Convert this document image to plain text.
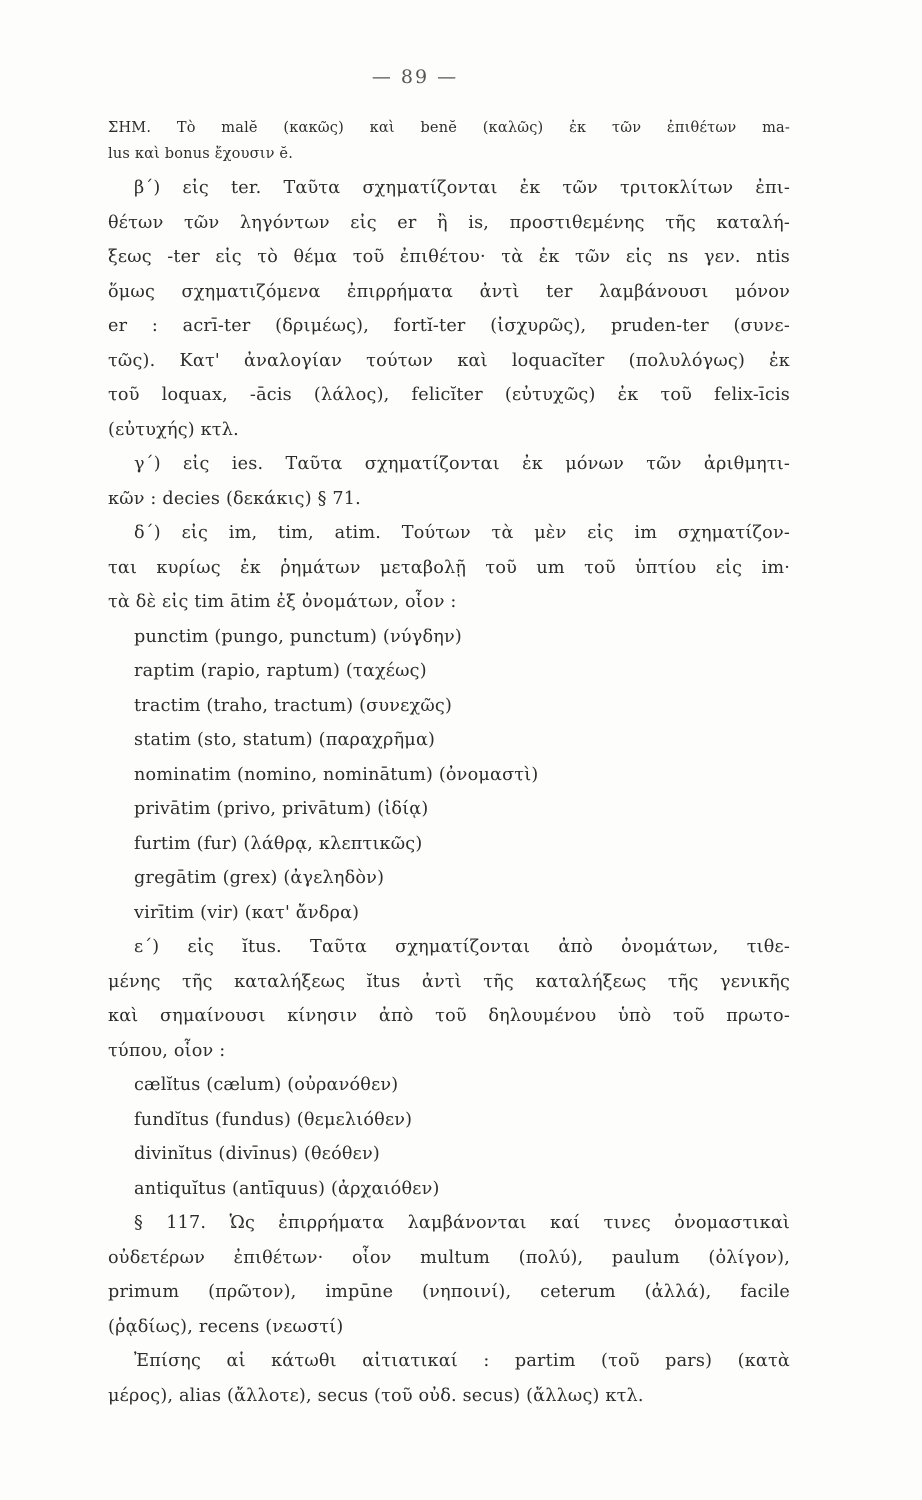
— 89 —
ΣΗΜ. Τὸ malĕ (κακῶς) καὶ benĕ (καλῶς) ἐκ τῶν ἐπιθέτων ma-
lus καὶ bonus ἔχουσιν ĕ.
β΄) εἰς ter. Ταῦτα σχηματίζονται ἐκ τῶν τριτοκλίτων ἐπι-
θέτων τῶν ληγόντων εἰς er ἢ is, προστιθεμένης τῆς καταλή-
ξεως -ter εἰς τὸ θέμα τοῦ ἐπιθέτου· τὰ ἐκ τῶν εἰς ns γεν. ntis
ὅμως σχηματιζόμενα ἐπιρρήματα ἀντὶ ter λαμβάνουσι μόνον
er : acrī-ter (δριμέως), fortĭ-ter (ἰσχυρῶς), pruden-ter (συνε-
τῶς). Κατ' ἀναλογίαν τούτων καὶ loquacĭter (πολυλόγως) ἐκ
τοῦ loquax, -ācis (λάλος), felicĭter (εὐτυχῶς) ἐκ τοῦ felix-īcis
(εὐτυχής) κτλ.
γ΄) εἰς ies. Ταῦτα σχηματίζονται ἐκ μόνων τῶν ἀριθμητι-
κῶν : decies (δεκάκις) § 71.
δ΄) εἰς im, tim, atim. Τούτων τὰ μὲν εἰς im σχηματίζον-
ται κυρίως ἐκ ῥημάτων μεταβολῇ τοῦ um τοῦ ὑπτίου εἰς im·
τὰ δὲ εἰς tim ātim ἐξ ὀνομάτων, οἷον :
punctim (pungo, punctum) (νύγδην)
raptim (rapio, raptum) (ταχέως)
tractim (traho, tractum) (συνεχῶς)
statim (sto, statum) (παραχρῆμα)
nominatim (nomino, nominātum) (ὀνομαστὶ)
privātim (privo, privātum) (ἰδίᾳ)
furtim (fur) (λάθρᾳ, κλεπτικῶς)
gregātim (grex) (ἀγεληδὸν)
virītim (vir) (κατ' ἄνδρα)
ε΄) εἰς ĭtus. Ταῦτα σχηματίζονται ἀπὸ ὀνομάτων, τιθε-
μένης τῆς καταλήξεως ĭtus ἀντὶ τῆς καταλήξεως τῆς γενικῆς
καὶ σημαίνουσι κίνησιν ἀπὸ τοῦ δηλουμένου ὑπὸ τοῦ πρωτο-
τύπου, οἷον :
cælĭtus (cælum) (οὐρανόθεν)
fundĭtus (fundus) (θεμελιόθεν)
divinĭtus (divīnus) (θεόθεν)
antiquĭtus (antīquus) (ἀρχαιόθεν)
§ 117. Ὡς ἐπιρρήματα λαμβάνονται καί τινες ὀνομαστικαὶ
οὐδετέρων ἐπιθέτων· οἷον multum (πολύ), paulum (ὀλίγον),
primum (πρῶτον), impūne (νηποινί), ceterum (ἀλλά), facile
(ῥᾳδίως), recens (νεωστί)
Ἐπίσης αἱ κάτωθι αἰτιατικαί : partim (τοῦ pars) (κατὰ
μέρος), alias (ἄλλοτε), secus (τοῦ οὐδ. secus) (ἄλλως) κτλ.
